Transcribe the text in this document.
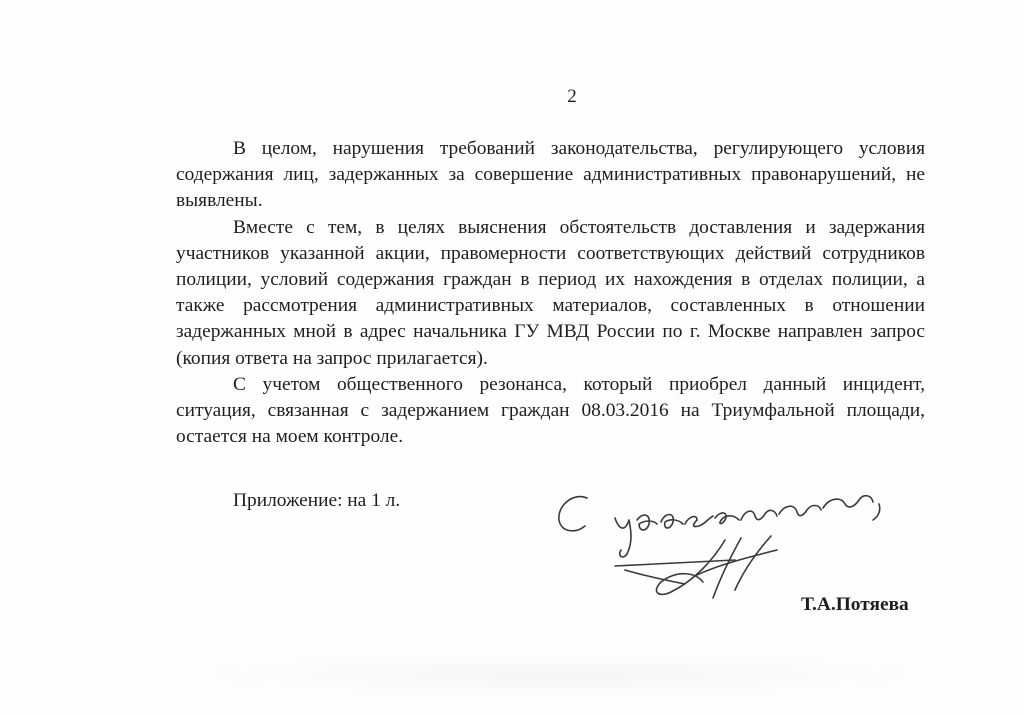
2

В целом, нарушения требований законодательства, регулирующего условия содержания лиц, задержанных за совершение административных правонарушений, не выявлены.

Вместе с тем, в целях выяснения обстоятельств доставления и задержания участников указанной акции, правомерности соответствующих действий сотрудников полиции, условий содержания граждан в период их нахождения в отделах полиции, а также рассмотрения административных материалов, составленных в отношении задержанных мной в адрес начальника ГУ МВД России по г. Москве направлен запрос (копия ответа на запрос прилагается).

С учетом общественного резонанса, который приобрел данный инцидент, ситуация, связанная с задержанием граждан 08.03.2016 на Триумфальной площади, остается на моем контроле.

Приложение: на 1 л.
Т.А.Потяева
